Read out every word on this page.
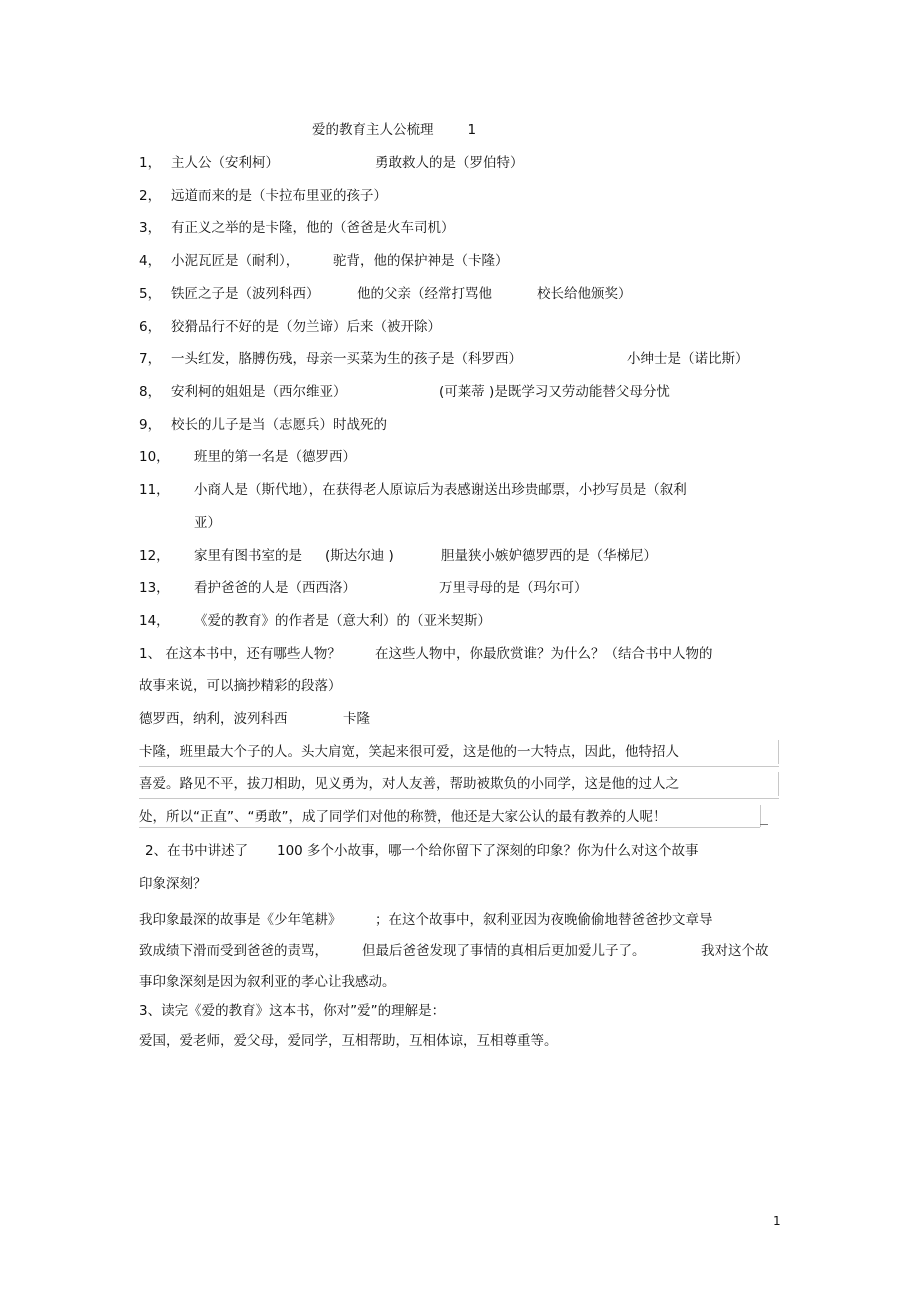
爱的教育主人公梳理	1
1， 主人公（安利柯）	勇敢救人的是（罗伯特）
2， 远道而来的是（卡拉布里亚的孩子）
3， 有正义之举的是卡隆，他的（爸爸是火车司机）
4， 小泥瓦匠是（耐利），	驼背，他的保护神是（卡隆）
5， 铁匠之子是（波列科西）	他的父亲（经常打骂他	校长给他颁奖）
6， 狡猾品行不好的是（勿兰谛）后来（被开除）
7， 一头红发，胳膊伤残，母亲一买菜为生的孩子是（科罗西）	小绅士是（诺比斯）
8， 安利柯的姐姐是（西尔维亚）	(可莱蒂 )是既学习又劳动能替父母分忧
9， 校长的儿子是当（志愿兵）时战死的
10， 班里的第一名是（德罗西）
11， 小商人是（斯代地），在获得老人原谅后为表感谢送出珍贵邮票，小抄写员是（叙利
亚）
12， 家里有图书室的是 (斯达尔迪 )	胆量狭小嫉妒德罗西的是（华梯尼）
13， 看护爸爸的人是（西西洛）	万里寻母的是（玛尔可）
14， 《爱的教育》的作者是（意大利）的（亚米契斯）
1、 在这本书中，还有哪些人物？	在这些人物中，你最欣赏谁？为什么？（结合书中人物的
故事来说，可以摘抄精彩的段落）
德罗西，纳利，波列科西	卡隆
卡隆，班里最大个子的人。头大肩宽，笑起来很可爱，这是他的一大特点，因此，他特招人
喜爱。路见不平，拔刀相助，见义勇为，对人友善，帮助被欺负的小同学，这是他的过人之
处，所以“正直”、“勇敢”，成了同学们对他的称赞，他还是大家公认的最有教养的人呢！
2、在书中讲述了 100 多个小故事，哪一个给你留下了深刻的印象？你为什么对这个故事
印象深刻？
我印象最深的故事是《少年笔耕》 ；在这个故事中，叙利亚因为夜晚偷偷地替爸爸抄文章导
致成绩下滑而受到爸爸的责骂，	但最后爸爸发现了事情的真相后更加爱儿子了。	我对这个故
事印象深刻是因为叙利亚的孝心让我感动。
3、读完《爱的教育》这本书，你对”爱”的理解是：
爱国，爱老师，爱父母，爱同学，互相帮助，互相体谅，互相尊重等。
1
